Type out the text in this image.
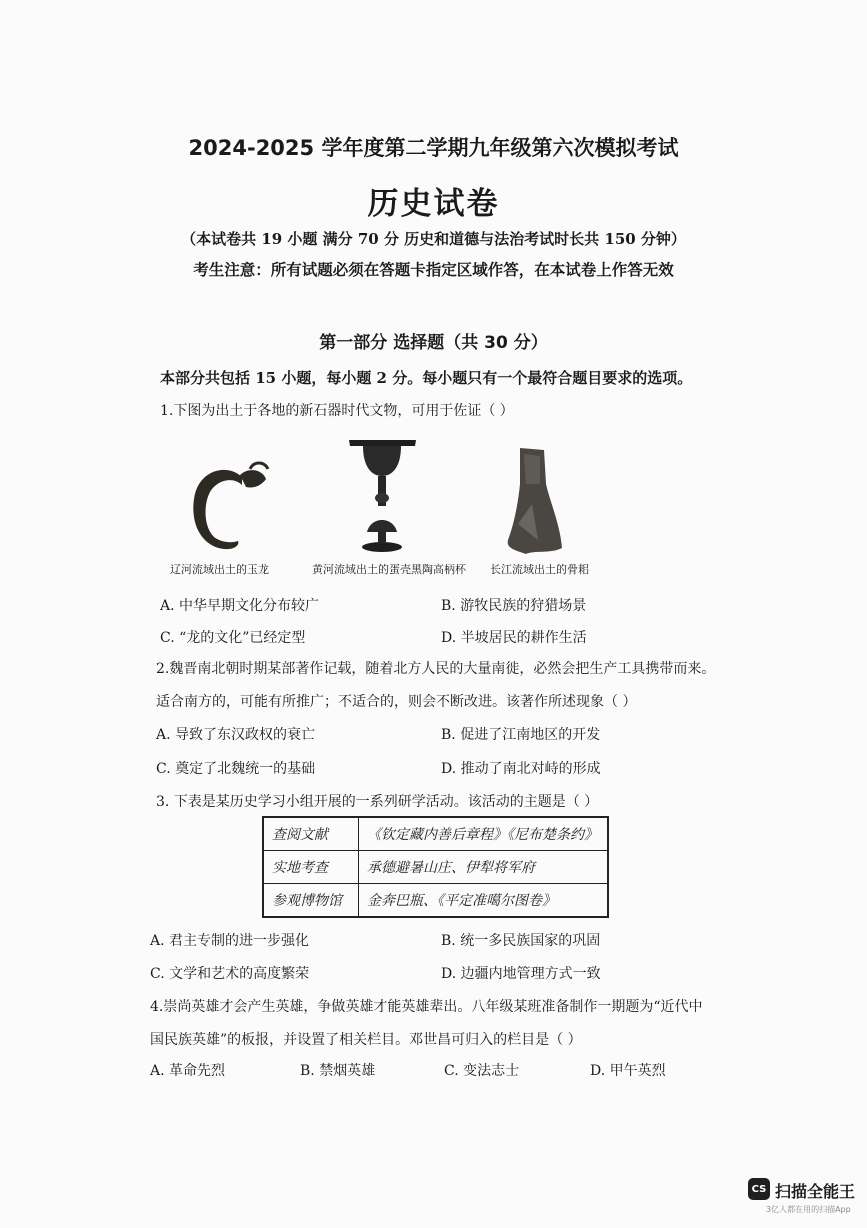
2024-2025 学年度第二学期九年级第六次模拟考试
历史试卷
（本试卷共 19 小题 满分 70 分 历史和道德与法治考试时长共 150 分钟）
考生注意：所有试题必须在答题卡指定区域作答，在本试卷上作答无效
第一部分 选择题（共 30 分）
本部分共包括 15 小题，每小题 2 分。每小题只有一个最符合题目要求的选项。
1.下图为出土于各地的新石器时代文物，可用于佐证（ ）
辽河流域出土的玉龙	黄河流域出土的蛋壳黑陶高柄杯 长江流域出土的骨耜
A. 中华早期文化分布较广	B. 游牧民族的狩猎场景
C. “龙的文化”已经定型	D. 半坡居民的耕作生活
2.魏晋南北朝时期某部著作记载，随着北方人民的大量南徙，必然会把生产工具携带而来。
适合南方的，可能有所推广；不适合的，则会不断改进。该著作所述现象（ ）
A. 导致了东汉政权的衰亡	B. 促进了江南地区的开发
C. 奠定了北魏统一的基础	D. 推动了南北对峙的形成
3. 下表是某历史学习小组开展的一系列研学活动。该活动的主题是（ ）
查阅文献	《钦定藏内善后章程》《尼布楚条约》
实地考查	承德避暑山庄、伊犁将军府
参观博物馆	金奔巴瓶、《平定准噶尔图卷》
A. 君主专制的进一步强化	B. 统一多民族国家的巩固
C. 文学和艺术的高度繁荣	D. 边疆内地管理方式一致
4.崇尚英雄才会产生英雄，争做英雄才能英雄辈出。八年级某班准备制作一期题为“近代中
国民族英雄”的板报，并设置了相关栏目。邓世昌可归入的栏目是（ ）
A. 革命先烈	B. 禁烟英雄	C. 变法志士	D. 甲午英烈
CS 扫描全能王
3亿人都在用的扫描App
